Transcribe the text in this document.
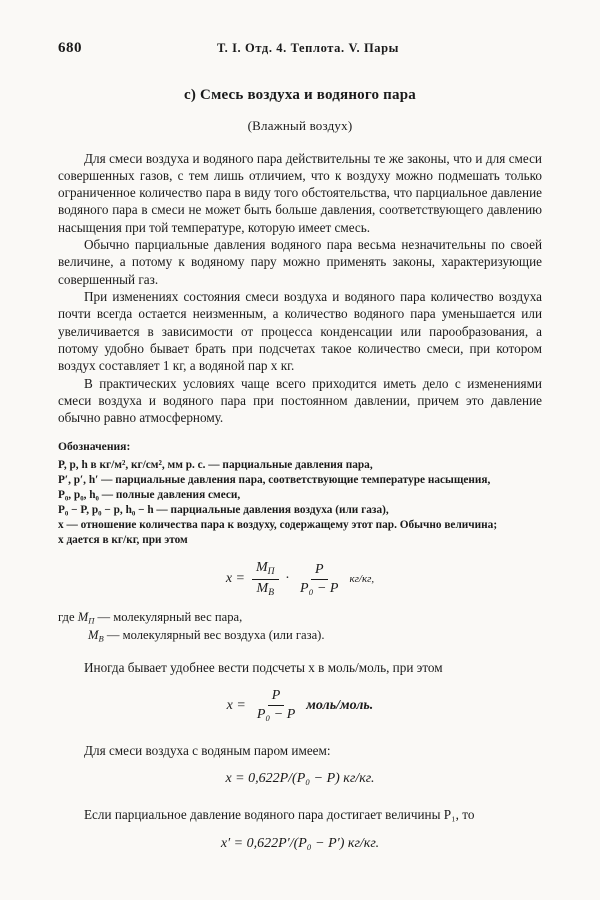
680	Т. I. Отд. 4. Теплота. V. Пары
c) Смесь воздуха и водяного пара
(Влажный воздух)

Для смеси воздуха и водяного пара действительны те же законы, что и для смеси совершенных газов, с тем лишь отличием, что к воздуху можно подмешать только ограниченное количество пара в виду того обстоятельства, что парциальное давление водяного пара в смеси не может быть больше давления, соответствующего давлению насыщения при той температуре, которую имеет смесь.

Обычно парциальные давления водяного пара весьма незначительны по своей величине, а потому к водяному пару можно применять законы, характеризующие совершенный газ.

При изменениях состояния смеси воздуха и водяного пара количество воздуха почти всегда остается неизменным, а количество водяного пара уменьшается или увеличивается в зависимости от процесса конденсации или парообразования, а потому удобно бывает брать при подсчетах такое количество смеси, при котором воздух составляет 1 кг, а водяной пар x кг.

В практических условиях чаще всего приходится иметь дело с изменениями смеси воздуха и водяного пара при постоянном давлении, причем это давление обычно равно атмосферному.

Обозначения:
P, p, h в кг/м², кг/см², мм р. с. — парциальные давления пара,
P′, p′, h′ — парциальные давления пара, соответствующие температуре насыщения,
P₀, p₀, h₀ — полные давления смеси,
P₀ − P, p₀ − p, h₀ − h — парциальные давления воздуха (или газа),
x — отношение количества пара к воздуху, содержащему этот пар. Обычно величина;
x дается в кг/кг, при этом
$x = \frac{M_П}{M_В} \cdot \frac{P}{\text{P₀ − P}} кг/кг$,
где $M_П$ — молекулярный вес пара,
$M_В$ — молекулярный вес воздуха (или газа).

Иногда бывает удобнее вести подсчеты x в моль/моль, при этом

$x = \frac{P}{\text{P₀ − P}}$ моль/моль.

Для смеси воздуха с водяным паром имеем:

x = 0,622P/(P₀ − P) кг/кг.

Если парциальное давление водяного пара достигает величины P₁, то

x′ = 0,622P′/(P₀ − P′) кг/кг.
